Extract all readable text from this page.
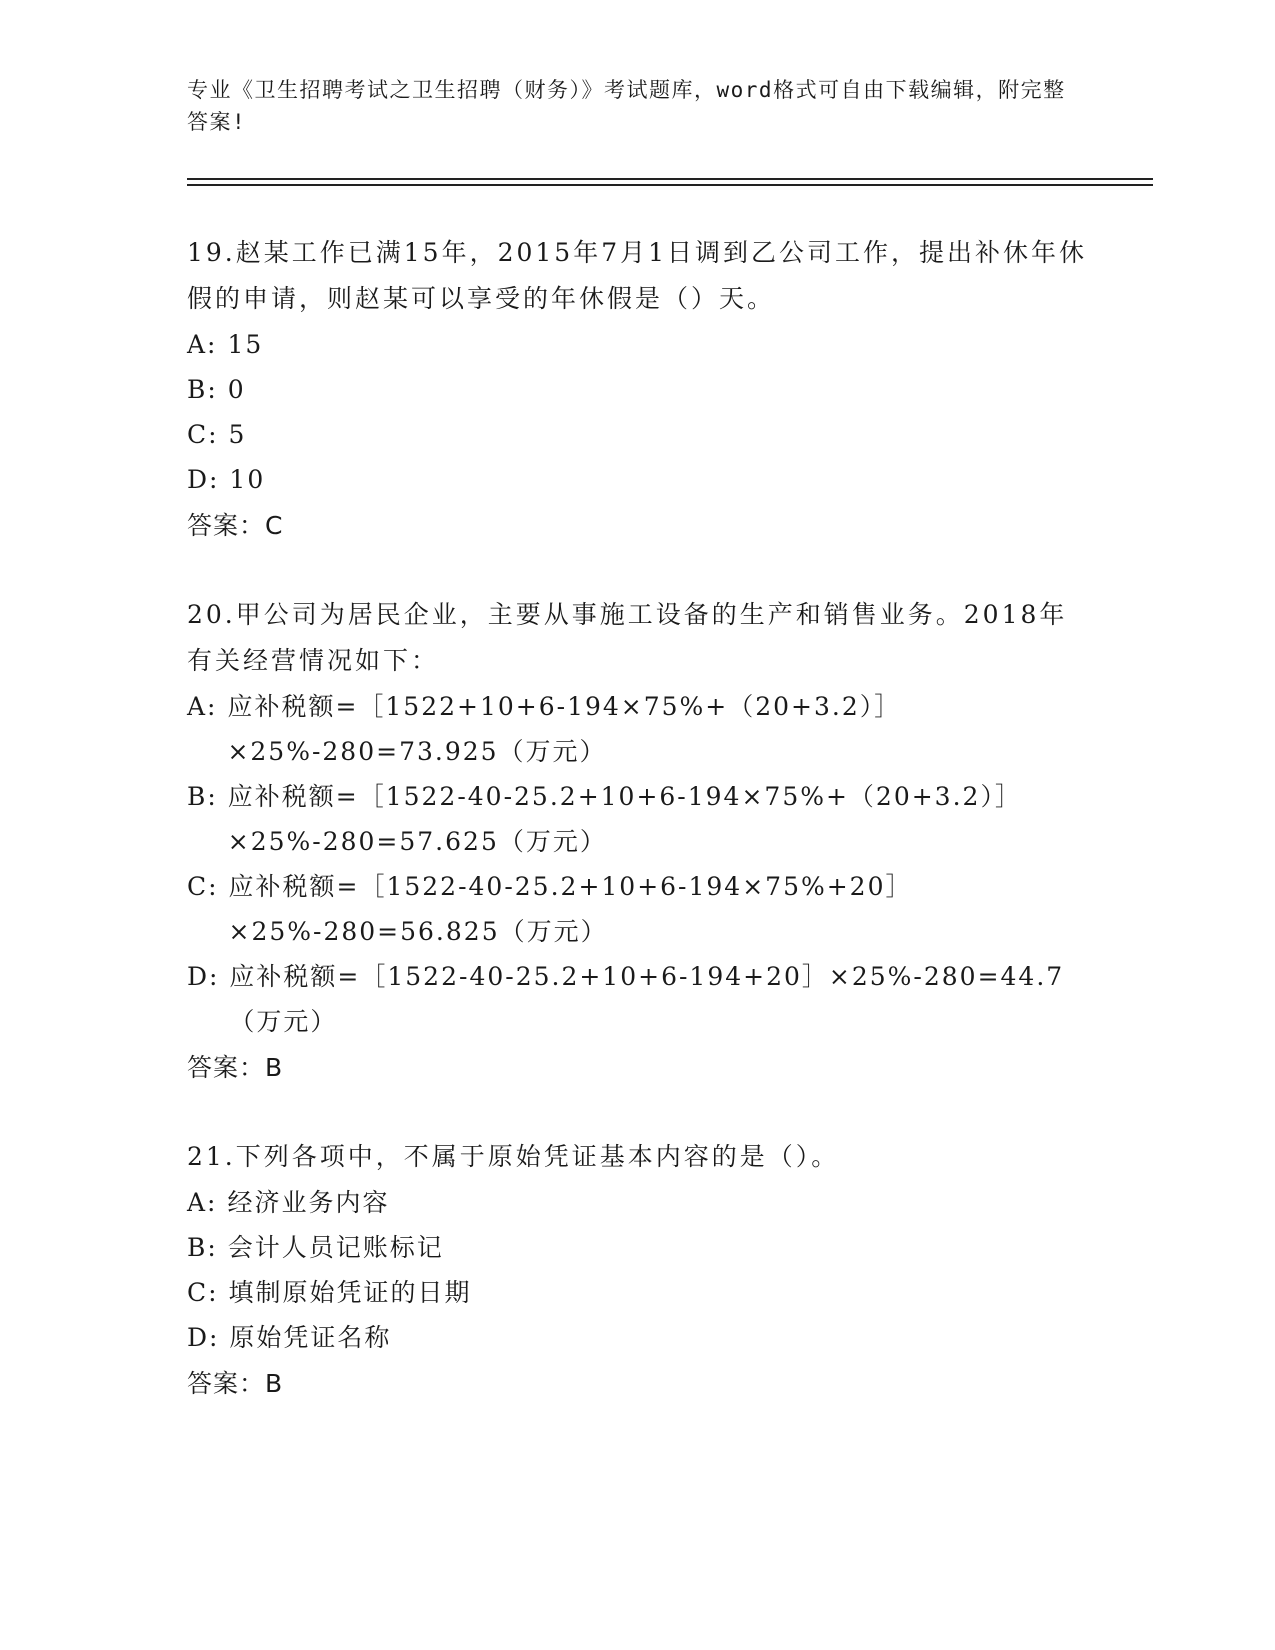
专业《卫生招聘考试之卫生招聘（财务）》考试题库，word格式可自由下载编辑，附完整答案!

19.赵某工作已满15年，2015年7月1日调到乙公司工作，提出补休年休假的申请，则赵某可以享受的年休假是（）天。

A: 15

B: 0

C: 5

D: 10

答案：C

20.甲公司为居民企业，主要从事施工设备的生产和销售业务。2018年有关经营情况如下：

A: 应补税额=［1522+10+6-194×75%+（20+3.2）］×25%-280=73.925（万元）

B: 应补税额=［1522-40-25.2+10+6-194×75%+（20+3.2）］×25%-280=57.625（万元）

C: 应补税额=［1522-40-25.2+10+6-194×75%+20］×25%-280=56.825（万元）

D: 应补税额=［1522-40-25.2+10+6-194+20］×25%-280=44.7（万元）

答案：B

21.下列各项中，不属于原始凭证基本内容的是（）。

A: 经济业务内容

B: 会计人员记账标记

C: 填制原始凭证的日期

D: 原始凭证名称

答案：B
